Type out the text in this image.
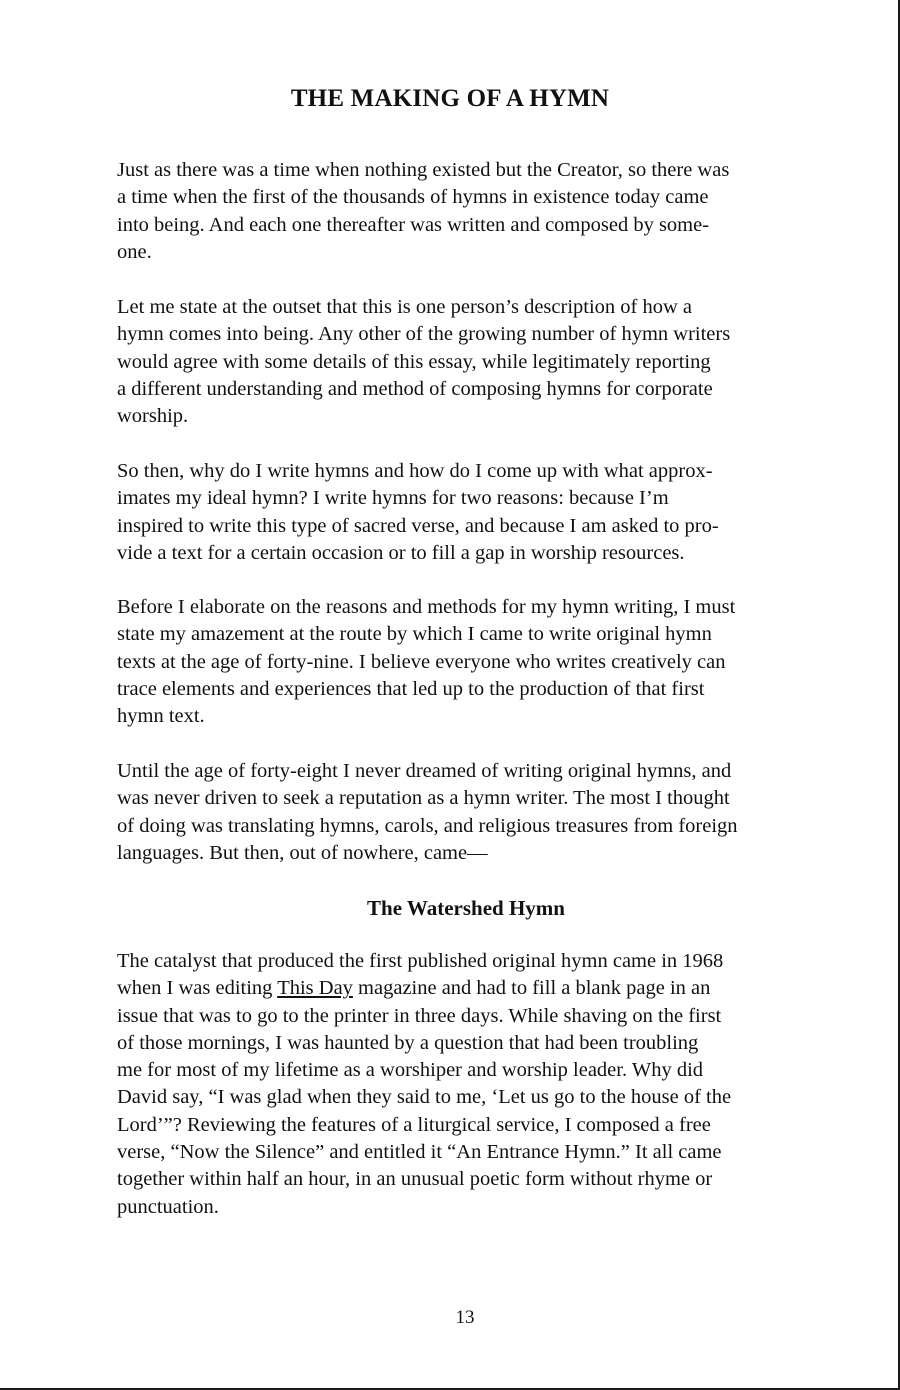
THE MAKING OF A HYMN

Just as there was a time when nothing existed but the Creator, so there was
a time when the first of the thousands of hymns in existence today came
into being. And each one thereafter was written and composed by some-
one.

Let me state at the outset that this is one person’s description of how a
hymn comes into being. Any other of the growing number of hymn writers
would agree with some details of this essay, while legitimately reporting
a different understanding and method of composing hymns for corporate
worship.

So then, why do I write hymns and how do I come up with what approx-
imates my ideal hymn? I write hymns for two reasons: because I’m
inspired to write this type of sacred verse, and because I am asked to pro-
vide a text for a certain occasion or to fill a gap in worship resources.

Before I elaborate on the reasons and methods for my hymn writing, I must
state my amazement at the route by which I came to write original hymn
texts at the age of forty-nine. I believe everyone who writes creatively can
trace elements and experiences that led up to the production of that first
hymn text.

Until the age of forty-eight I never dreamed of writing original hymns, and
was never driven to seek a reputation as a hymn writer. The most I thought
of doing was translating hymns, carols, and religious treasures from foreign
languages. But then, out of nowhere, came—

The Watershed Hymn

The catalyst that produced the first published original hymn came in 1968
when I was editing This Day magazine and had to fill a blank page in an
issue that was to go to the printer in three days. While shaving on the first
of those mornings, I was haunted by a question that had been troubling
me for most of my lifetime as a worshiper and worship leader. Why did
David say, “I was glad when they said to me, ‘Let us go to the house of the
Lord’”? Reviewing the features of a liturgical service, I composed a free
verse, “Now the Silence” and entitled it “An Entrance Hymn.” It all came
together within half an hour, in an unusual poetic form without rhyme or
punctuation.

13
